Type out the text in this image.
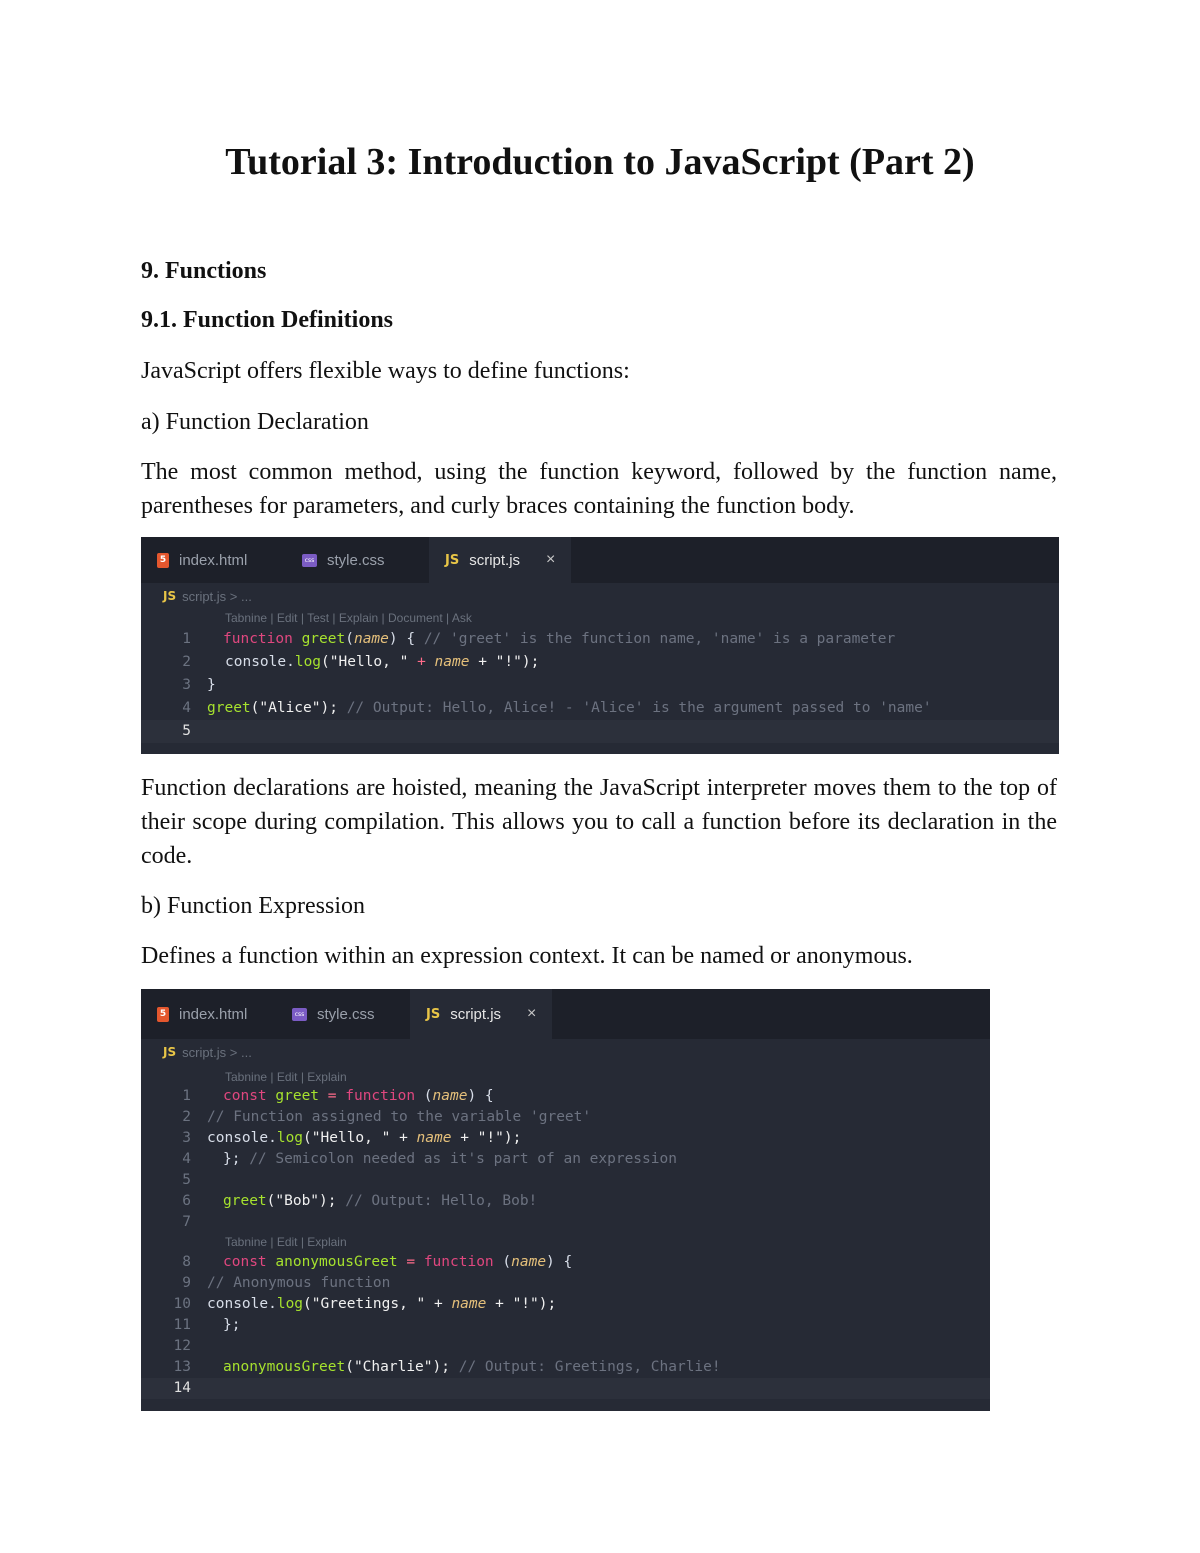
Tutorial 3: Introduction to JavaScript (Part 2)
9. Functions
9.1. Function Definitions

JavaScript offers flexible ways to define functions:

a) Function Declaration

The most common method, using the function keyword, followed by the function name, parentheses for parameters, and curly braces containing the function body.

5 index.html	css style.css	JS script.js ×
JS script.js > ...
Tabnine | Edit | Test | Explain | Document | Ask
1	function greet(name) { // 'greet' is the function name, 'name' is a parameter
2	console.log("Hello, " + name + "!");
3	}
4	greet("Alice"); // Output: Hello, Alice! - 'Alice' is the argument passed to 'name'
5

Function declarations are hoisted, meaning the JavaScript interpreter moves them to the top of their scope during compilation. This allows you to call a function before its declaration in the code.

b) Function Expression

Defines a function within an expression context. It can be named or anonymous.

5 index.html	css style.css	JS script.js ×
JS script.js > ...
Tabnine | Edit | Explain
1	const greet = function (name) {
2	// Function assigned to the variable 'greet'
3	console.log("Hello, " + name + "!");
4	}; // Semicolon needed as it's part of an expression
5
6	greet("Bob"); // Output: Hello, Bob!
7
Tabnine | Edit | Explain
8	const anonymousGreet = function (name) {
9	// Anonymous function
10	console.log("Greetings, " + name + "!");
11	};
12
13	anonymousGreet("Charlie"); // Output: Greetings, Charlie!
14
